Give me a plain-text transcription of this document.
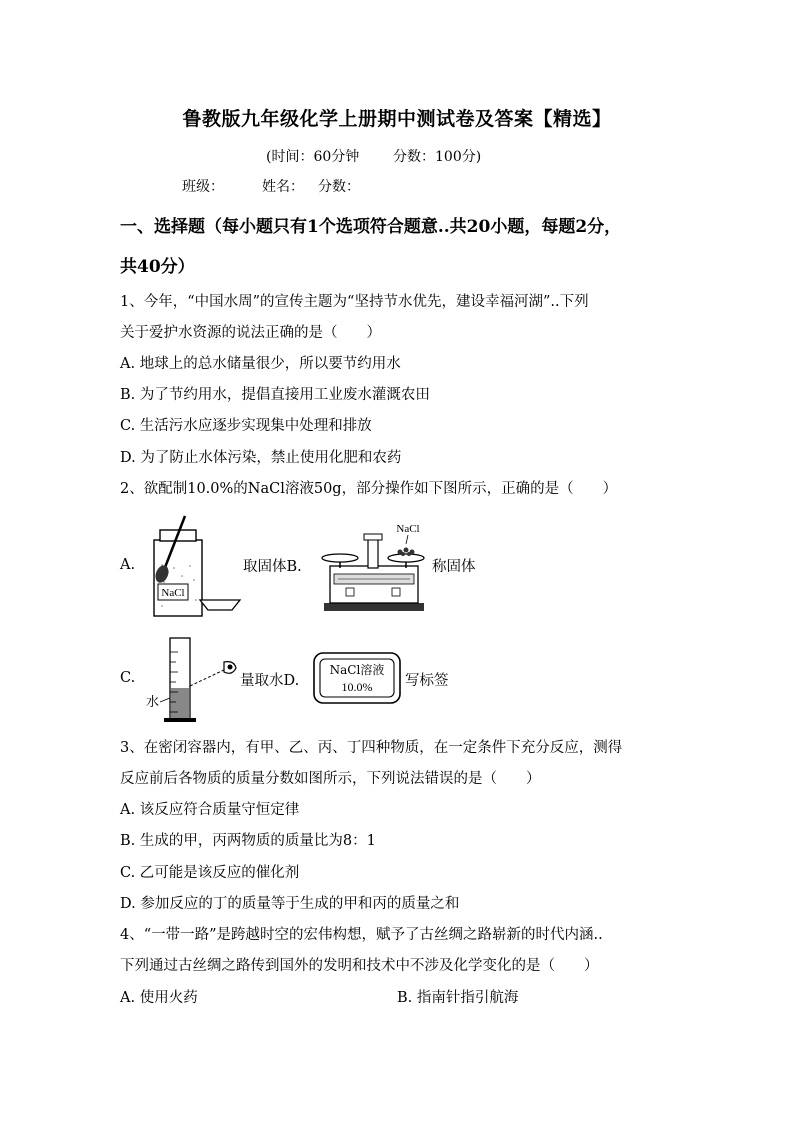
鲁教版九年级化学上册期中测试卷及答案【精选】
(时间：60分钟 分数：100分)
班级：	姓名： 分数：
一、选择题（每小题只有1个选项符合题意..共20小题，每题2分，
共40分）
1、今年，“中国水周”的宣传主题为“坚持节水优先，建设幸福河湖”..下列
关于爱护水资源的说法正确的是（　　）
A. 地球上的总水储量很少，所以要节约用水
B. 为了节约用水，提倡直接用工业废水灌溉农田
C. 生活污水应逐步实现集中处理和排放
D. 为了防止水体污染，禁止使用化肥和农药
2、欲配制10.0%的NaCl溶液50g，部分操作如下图所示，正确的是（　　）
A.
NaCl
取固体B.
NaCl
称固体
C.
水
量取水D.
NaCl溶液
10.0% 写标签
3、在密闭容器内，有甲、乙、丙、丁四种物质，在一定条件下充分反应，测得
反应前后各物质的质量分数如图所示，下列说法错误的是（　　）
A. 该反应符合质量守恒定律
B. 生成的甲，丙两物质的质量比为8：1
C. 乙可能是该反应的催化剂
D. 参加反应的丁的质量等于生成的甲和丙的质量之和
4、“一带一路”是跨越时空的宏伟构想，赋予了古丝绸之路崭新的时代内涵..
下列通过古丝绸之路传到国外的发明和技术中不涉及化学变化的是（　　）
A. 使用火药	B. 指南针指引航海
